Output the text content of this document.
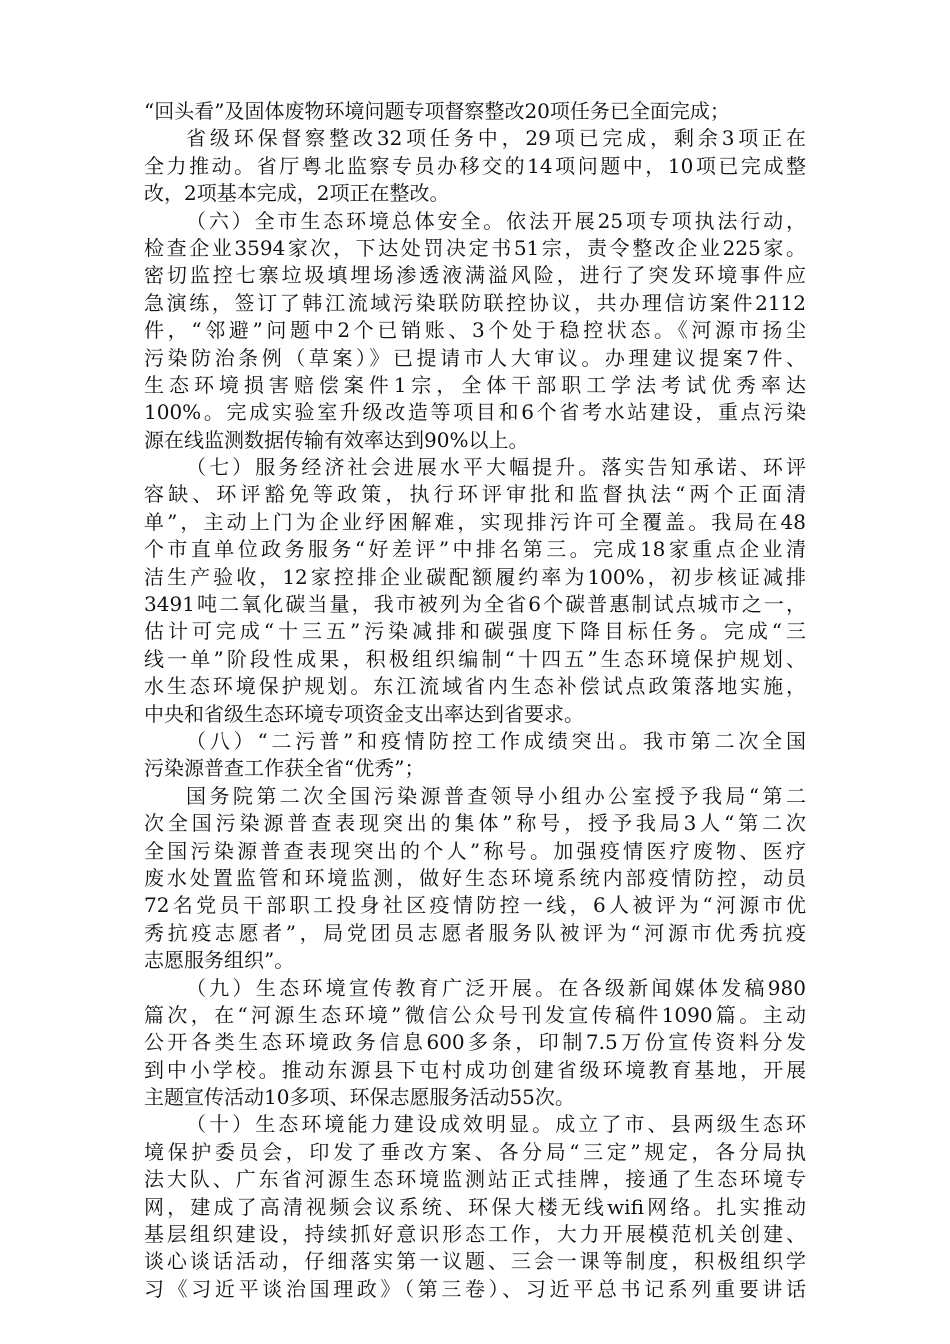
“回头看”及固体废物环境问题专项督察整改20项任务已全面完成；
省级环保督察整改32项任务中，29项已完成，剩余3项正在
全力推动。省厅粤北监察专员办移交的14项问题中，10项已完成整
改，2项基本完成，2项正在整改。
（六）全市生态环境总体安全。依法开展25项专项执法行动，
检查企业3594家次，下达处罚决定书51宗，责令整改企业225家。
密切监控七寨垃圾填埋场渗透液满溢风险，进行了突发环境事件应
急演练，签订了韩江流域污染联防联控协议，共办理信访案件2112
件，“邻避”问题中2个已销账、3个处于稳控状态。《河源市扬尘
污染防治条例（草案）》已提请市人大审议。办理建议提案7件、
生态环境损害赔偿案件1宗，全体干部职工学法考试优秀率达
100%。完成实验室升级改造等项目和6个省考水站建设，重点污染
源在线监测数据传输有效率达到90%以上。
（七）服务经济社会进展水平大幅提升。落实告知承诺、环评
容缺、环评豁免等政策，执行环评审批和监督执法“两个正面清
单”，主动上门为企业纾困解难，实现排污许可全覆盖。我局在48
个市直单位政务服务“好差评”中排名第三。完成18家重点企业清
洁生产验收，12家控排企业碳配额履约率为100%，初步核证减排
3491吨二氧化碳当量，我市被列为全省6个碳普惠制试点城市之一，
估计可完成“十三五”污染减排和碳强度下降目标任务。完成“三
线一单”阶段性成果，积极组织编制“十四五”生态环境保护规划、
水生态环境保护规划。东江流域省内生态补偿试点政策落地实施，
中央和省级生态环境专项资金支出率达到省要求。
（八）“二污普”和疫情防控工作成绩突出。我市第二次全国
污染源普查工作获全省“优秀”；
国务院第二次全国污染源普查领导小组办公室授予我局“第二
次全国污染源普查表现突出的集体”称号，授予我局3人“第二次
全国污染源普查表现突出的个人”称号。加强疫情医疗废物、医疗
废水处置监管和环境监测，做好生态环境系统内部疫情防控，动员
72名党员干部职工投身社区疫情防控一线，6人被评为“河源市优
秀抗疫志愿者”，局党团员志愿者服务队被评为“河源市优秀抗疫
志愿服务组织”。
（九）生态环境宣传教育广泛开展。在各级新闻媒体发稿980
篇次，在“河源生态环境”微信公众号刊发宣传稿件1090篇。主动
公开各类生态环境政务信息600多条，印制7.5万份宣传资料分发
到中小学校。推动东源县下屯村成功创建省级环境教育基地，开展
主题宣传活动10多项、环保志愿服务活动55次。
（十）生态环境能力建设成效明显。成立了市、县两级生态环
境保护委员会，印发了垂改方案、各分局“三定”规定，各分局执
法大队、广东省河源生态环境监测站正式挂牌，接通了生态环境专
网，建成了高清视频会议系统、环保大楼无线wifi网络。扎实推动
基层组织建设，持续抓好意识形态工作，大力开展模范机关创建、
谈心谈话活动，仔细落实第一议题、三会一课等制度，积极组织学
习《习近平谈治国理政》（第三卷）、习近平总书记系列重要讲话
